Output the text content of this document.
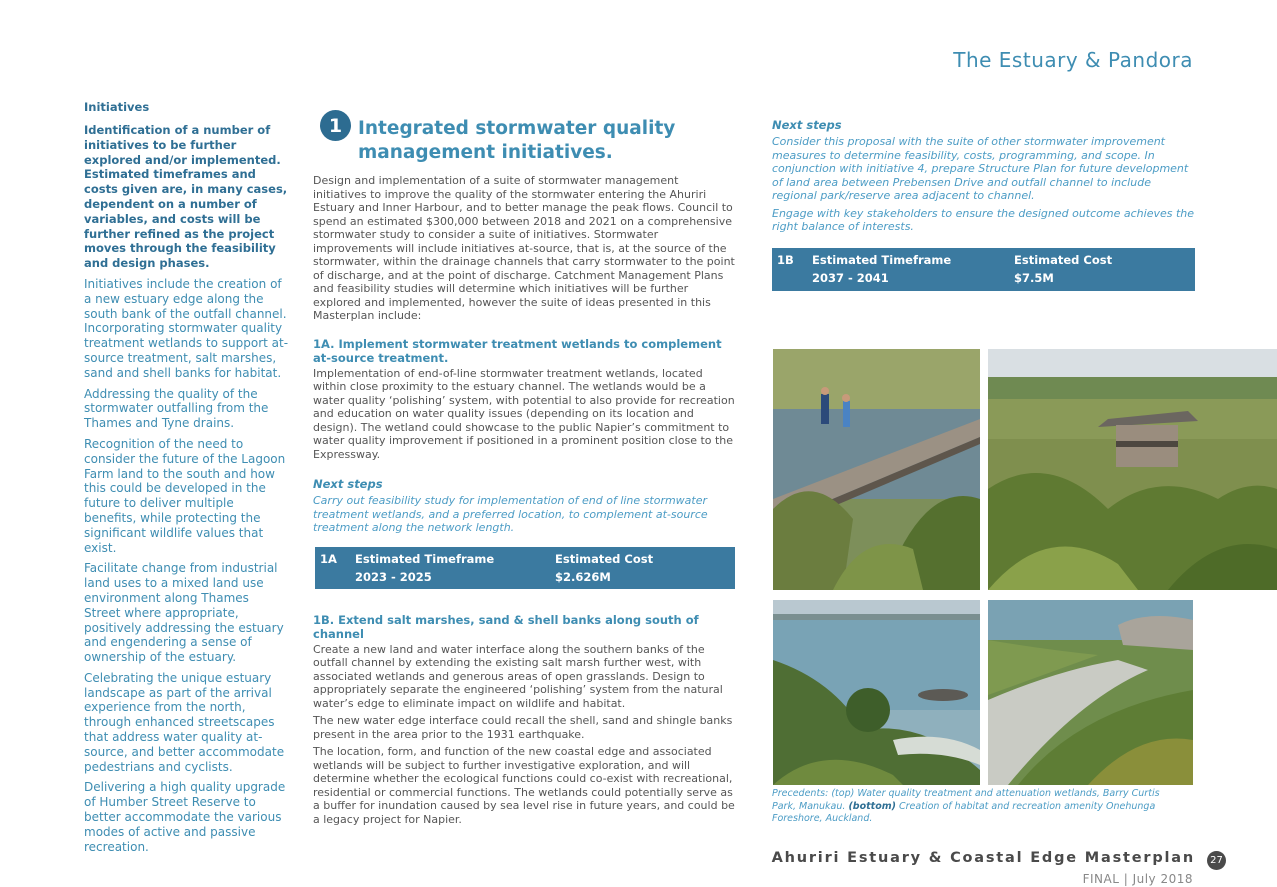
The Estuary & Pandora
Initiatives
Identification of a number of initiatives to be further explored and/or implemented. Estimated timeframes and costs given are, in many cases, dependent on a number of variables, and costs will be further refined as the project moves through the feasibility and design phases.
Initiatives include the creation of a new estuary edge along the south bank of the outfall channel. Incorporating stormwater quality treatment wetlands to support at-source treatment, salt marshes, sand and shell banks for habitat.
Addressing the quality of the stormwater outfalling from the Thames and Tyne drains.
Recognition of the need to consider the future of the Lagoon Farm land to the south and how this could be developed in the future to deliver multiple benefits, while protecting the significant wildlife values that exist.
Facilitate change from industrial land uses to a mixed land use environment along Thames Street where appropriate, positively addressing the estuary and engendering a sense of ownership of the estuary.
Celebrating the unique estuary landscape as part of the arrival experience from the north, through enhanced streetscapes that address water quality at-source, and better accommodate pedestrians and cyclists.
Delivering a high quality upgrade of Humber Street Reserve to better accommodate the various modes of active and passive recreation.
1 Integrated stormwater quality management initiatives.

Design and implementation of a suite of stormwater management initiatives to improve the quality of the stormwater entering the Ahuriri Estuary and Inner Harbour, and to better manage the peak flows. Council to spend an estimated $300,000 between 2018 and 2021 on a comprehensive stormwater study to consider a suite of initiatives. Stormwater improvements will include initiatives at-source, that is, at the source of the stormwater, within the drainage channels that carry stormwater to the point of discharge, and at the point of discharge. Catchment Management Plans and feasibility studies will determine which initiatives will be further explored and implemented, however the suite of ideas presented in this Masterplan include:

1A. Implement stormwater treatment wetlands to complement at-source treatment.

Implementation of end-of-line stormwater treatment wetlands, located within close proximity to the estuary channel. The wetlands would be a water quality ‘polishing’ system, with potential to also provide for recreation and education on water quality issues (depending on its location and design). The wetland could showcase to the public Napier’s commitment to water quality improvement if positioned in a prominent position close to the Expressway.

Next steps

Carry out feasibility study for implementation of end of line stormwater treatment wetlands, and a preferred location, to complement at-source treatment along the network length.

1A Estimated Timeframe
2023 - 2025
Estimated Cost
$2.626M
1B. Extend salt marshes, sand & shell banks along south of channel

Create a new land and water interface along the southern banks of the outfall channel by extending the existing salt marsh further west, with associated wetlands and generous areas of open grasslands. Design to appropriately separate the engineered ‘polishing’ system from the natural water’s edge to eliminate impact on wildlife and habitat.

The new water edge interface could recall the shell, sand and shingle banks present in the area prior to the 1931 earthquake.

The location, form, and function of the new coastal edge and associated wetlands will be subject to further investigative exploration, and will determine whether the ecological functions could co-exist with recreational, residential or commercial functions. The wetlands could potentially serve as a buffer for inundation caused by sea level rise in future years, and could be a legacy project for Napier.

Next steps

Consider this proposal with the suite of other stormwater improvement measures to determine feasibility, costs, programming, and scope. In conjunction with initiative 4, prepare Structure Plan for future development of land area between Prebensen Drive and outfall channel to include regional park/reserve area adjacent to channel.

Engage with key stakeholders to ensure the designed outcome achieves the right balance of interests.

1B Estimated Timeframe
2037 - 2041
Estimated Cost
$7.5M
Precedents: (top) Water quality treatment and attenuation wetlands, Barry Curtis Park, Manukau. (bottom) Creation of habitat and recreation amenity Onehunga Foreshore, Auckland.
Ahuriri Estuary & Coastal Edge Masterplan	27
FINAL | July 2018
